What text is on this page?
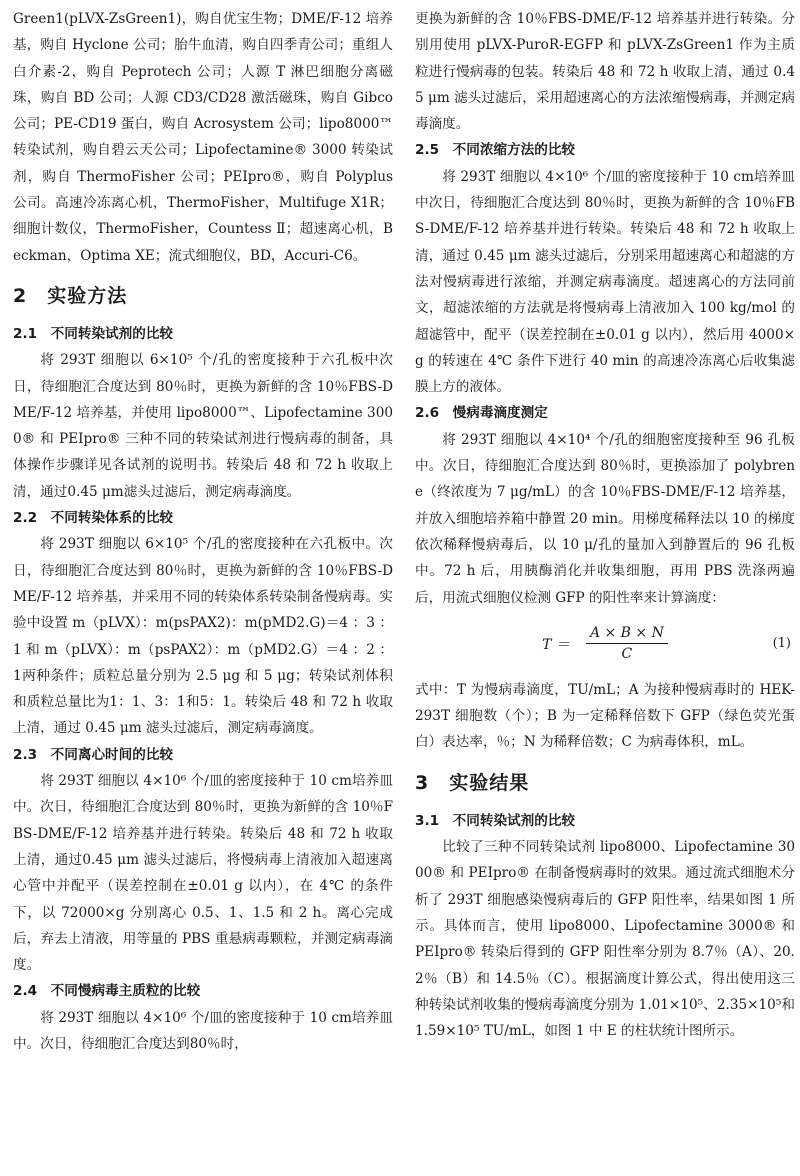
Green1(pLVX-ZsGreen1)，购自优宝生物；DME/F-12 培养基，购自 Hyclone 公司；胎牛血清，购自四季青公司；重组人白介素-2，购自 Peprotech 公司；人源 T 淋巴细胞分离磁珠，购自 BD 公司；人源 CD3/CD28 激活磁珠，购自 Gibco 公司；PE-CD19 蛋白，购自 Acrosystem 公司；lipo8000™ 转染试剂，购自碧云天公司；Lipofectamine® 3000 转染试剂，购自 ThermoFisher 公司；PEIpro®，购自 Polyplus 公司。高速冷冻离心机，ThermoFisher，Multifuge X1R；细胞计数仪，ThermoFisher，Countess Ⅱ；超速离心机，Beckman，Optima XE；流式细胞仪，BD，Accuri-C6。

2　实验方法
2.1　不同转染试剂的比较

将 293T 细胞以 6×10⁵ 个/孔的密度接种于六孔板中次日，待细胞汇合度达到 80％时，更换为新鲜的含 10％FBS-DME/F-12 培养基，并使用 lipo8000™、Lipofectamine 3000® 和 PEIpro® 三种不同的转染试剂进行慢病毒的制备，具体操作步骤详见各试剂的说明书。转染后 48 和 72 h 收取上清，通过0.45 μm滤头过滤后，测定病毒滴度。

2.2　不同转染体系的比较

将 293T 细胞以 6×10⁵ 个/孔的密度接种在六孔板中。次日，待细胞汇合度达到 80％时，更换为新鲜的含 10％FBS-DME/F-12 培养基，并采用不同的转染体系转染制备慢病毒。实验中设置 m（pLVX）：m(psPAX2)：m(pMD2.G)＝4 ：3 ：1 和 m（pLVX）：m（psPAX2）：m（pMD2.G）＝4 ：2 ：1两种条件；质粒总量分别为 2.5 μg 和 5 μg；转染试剂体积和质粒总量比为1：1、3：1和5：1。转染后 48 和 72 h 收取上清，通过 0.45 μm 滤头过滤后，测定病毒滴度。

2.3　不同离心时间的比较

将 293T 细胞以 4×10⁶ 个/皿的密度接种于 10 cm培养皿中。次日，待细胞汇合度达到 80％时，更换为新鲜的含 10％FBS-DME/F-12 培养基并进行转染。转染后 48 和 72 h 收取上清，通过0.45 μm 滤头过滤后，将慢病毒上清液加入超速离心管中并配平（误差控制在±0.01 g 以内），在 4℃ 的条件下，以 72000×g 分别离心 0.5、1、1.5 和 2 h。离心完成后，弃去上清液，用等量的 PBS 重悬病毒颗粒，并测定病毒滴度。

2.4　不同慢病毒主质粒的比较

将 293T 细胞以 4×10⁶ 个/皿的密度接种于 10 cm培养皿中。次日，待细胞汇合度达到80％时，

更换为新鲜的含 10％FBS-DME/F-12 培养基并进行转染。分别用使用 pLVX-PuroR-EGFP 和 pLVX-ZsGreen1 作为主质粒进行慢病毒的包装。转染后 48 和 72 h 收取上清，通过 0.45 μm 滤头过滤后，采用超速离心的方法浓缩慢病毒，并测定病毒滴度。

2.5　不同浓缩方法的比较

将 293T 细胞以 4×10⁶ 个/皿的密度接种于 10 cm培养皿中次日，待细胞汇合度达到 80％时，更换为新鲜的含 10％FBS-DME/F-12 培养基并进行转染。转染后 48 和 72 h 收取上清，通过 0.45 μm 滤头过滤后，分别采用超速离心和超滤的方法对慢病毒进行浓缩，并测定病毒滴度。超速离心的方法同前文，超滤浓缩的方法就是将慢病毒上清液加入 100 kg/mol 的超滤管中，配平（误差控制在±0.01 g 以内），然后用 4000×g 的转速在 4℃ 条件下进行 40 min 的高速冷冻离心后收集滤膜上方的液体。

2.6　慢病毒滴度测定

将 293T 细胞以 4×10⁴ 个/孔的细胞密度接种至 96 孔板中。次日，待细胞汇合度达到 80％时，更换添加了 polybrene（终浓度为 7 μg/mL）的含 10％FBS-DME/F-12 培养基，并放入细胞培养箱中静置 20 min。用梯度稀释法以 10 的梯度依次稀释慢病毒后，以 10 μ/孔的量加入到静置后的 96 孔板中。72 h 后，用胰酶消化并收集细胞，再用 PBS 洗涤两遍后，用流式细胞仪检测 GFP 的阳性率来计算滴度：

$T = \frac{A \times B \times N}{C}$	(1)

式中：T 为慢病毒滴度，TU/mL；A 为接种慢病毒时的 HEK-293T 细胞数（个）；B 为一定稀释倍数下 GFP（绿色荧光蛋白）表达率，％；N 为稀释倍数；C 为病毒体积，mL。

3　实验结果
3.1　不同转染试剂的比较

比较了三种不同转染试剂 lipo8000、Lipofectamine 3000® 和 PEIpro® 在制备慢病毒时的效果。通过流式细胞术分析了 293T 细胞感染慢病毒后的 GFP 阳性率，结果如图 1 所示。具体而言，使用 lipo8000、Lipofectamine 3000® 和 PEIpro® 转染后得到的 GFP 阳性率分别为 8.7％（A）、20.2％（B）和 14.5％（C）。根据滴度计算公式，得出使用这三种转染试剂收集的慢病毒滴度分别为 1.01×10⁵、2.35×10⁵和 1.59×10⁵ TU/mL，如图 1 中 E 的柱状统计图所示。
